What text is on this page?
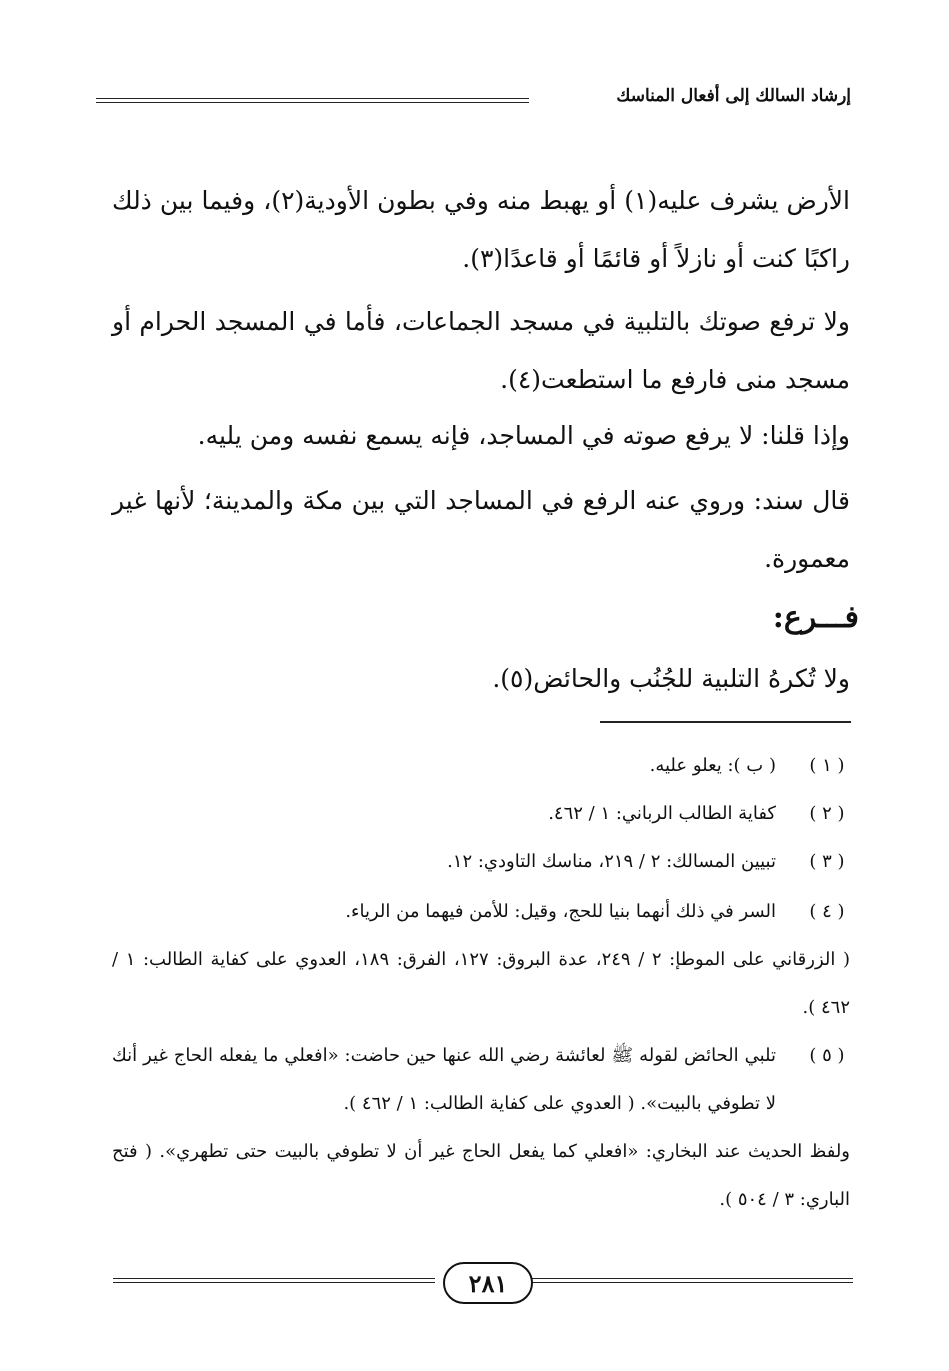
إرشاد السالك إلى أفعال المناسك
الأرض يشرف عليه(١) أو يهبط منه وفي بطون الأودية(٢)، وفيما بين ذلك راكبًا كنت أو نازلاً أو قائمًا أو قاعدًا(٣).
ولا ترفع صوتك بالتلبية في مسجد الجماعات، فأما في المسجد الحرام أو مسجد منى فارفع ما استطعت(٤).
وإذا قلنا: لا يرفع صوته في المساجد، فإنه يسمع نفسه ومن يليه.
قال سند: وروي عنه الرفع في المساجد التي بين مكة والمدينة؛ لأنها غير معمورة.
فـــرع:
ولا تُكرهُ التلبية للجُنُب والحائض(٥).
( ١ )
( ب ): يعلو عليه.
( ٢ )
كفاية الطالب الرباني: ١ / ٤٦٢.
( ٣ )
تبيين المسالك: ٢ / ٢١٩، مناسك التاودي: ١٢.
( ٤ )
السر في ذلك أنهما بنيا للحج، وقيل: للأمن فيهما من الرياء.
( الزرقاني على الموطإ: ٢ / ٢٤٩، عدة البروق: ١٢٧، الفرق: ١٨٩، العدوي على كفاية الطالب: ١ / ٤٦٢ ).
( ٥ )
تلبي الحائض لقوله ﷺ لعائشة رضي الله عنها حين حاضت: «افعلي ما يفعله الحاج غير أنك لا تطوفي بالبيت». ( العدوي على كفاية الطالب: ١ / ٤٦٢ ).
ولفظ الحديث عند البخاري: «افعلي كما يفعل الحاج غير أن لا تطوفي بالبيت حتى تطهري». ( فتح الباري: ٣ / ٥٠٤ ).
٢٨١
